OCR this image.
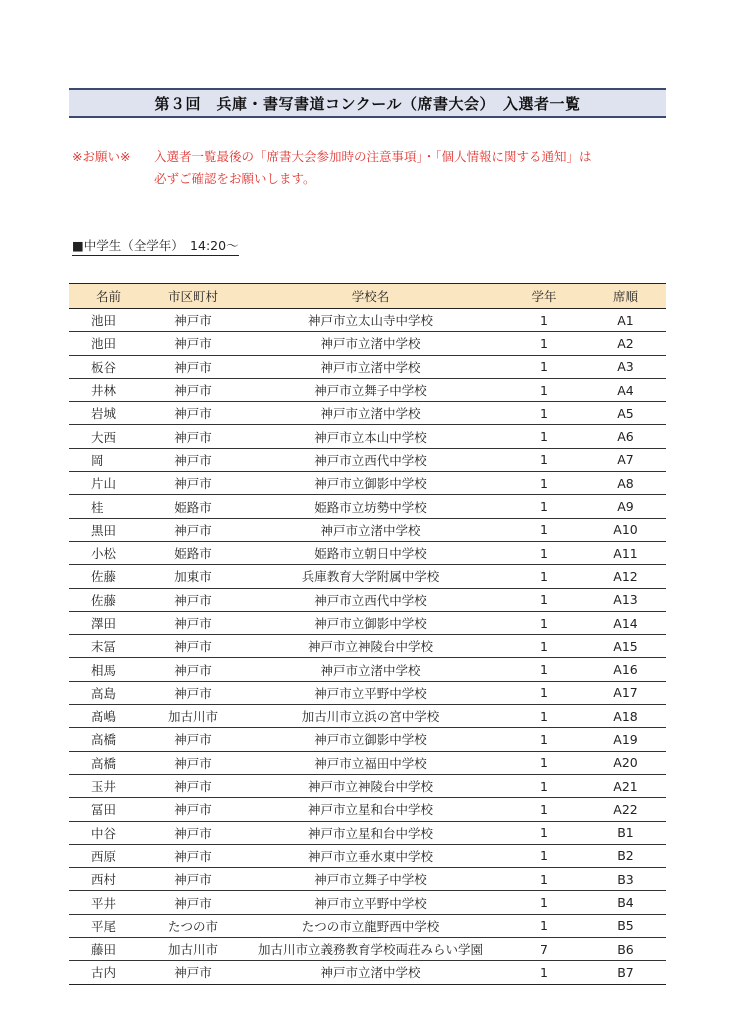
第３回　兵庫・書写書道コンクール（席書大会）　入選者一覧
※お願い※ 入選者一覧最後の「席書大会参加時の注意事項」・「個人情報に関する通知」は
必ずご確認をお願いします。
■中学生（全学年）　14:20～
名前	市区町村	学校名	学年	席順
池田	神戸市	神戸市立太山寺中学校	1	A1
池田	神戸市	神戸市立渚中学校	1	A2
板谷	神戸市	神戸市立渚中学校	1	A3
井林	神戸市	神戸市立舞子中学校	1	A4
岩城	神戸市	神戸市立渚中学校	1	A5
大西	神戸市	神戸市立本山中学校	1	A6
岡	神戸市	神戸市立西代中学校	1	A7
片山	神戸市	神戸市立御影中学校	1	A8
桂	姫路市	姫路市立坊勢中学校	1	A9
黒田	神戸市	神戸市立渚中学校	1	A10
小松	姫路市	姫路市立朝日中学校	1	A11
佐藤	加東市	兵庫教育大学附属中学校	1	A12
佐藤	神戸市	神戸市立西代中学校	1	A13
澤田	神戸市	神戸市立御影中学校	1	A14
末冨	神戸市	神戸市立神陵台中学校	1	A15
相馬	神戸市	神戸市立渚中学校	1	A16
高島	神戸市	神戸市立平野中学校	1	A17
髙嶋	加古川市	加古川市立浜の宮中学校	1	A18
高橋	神戸市	神戸市立御影中学校	1	A19
高橋	神戸市	神戸市立福田中学校	1	A20
玉井	神戸市	神戸市立神陵台中学校	1	A21
冨田	神戸市	神戸市立星和台中学校	1	A22
中谷	神戸市	神戸市立星和台中学校	1	B1
西原	神戸市	神戸市立垂水東中学校	1	B2
西村	神戸市	神戸市立舞子中学校	1	B3
平井	神戸市	神戸市立平野中学校	1	B4
平尾	たつの市	たつの市立龍野西中学校	1	B5
藤田	加古川市	加古川市立義務教育学校両荘みらい学園	7	B6
古内	神戸市	神戸市立渚中学校	1	B7
